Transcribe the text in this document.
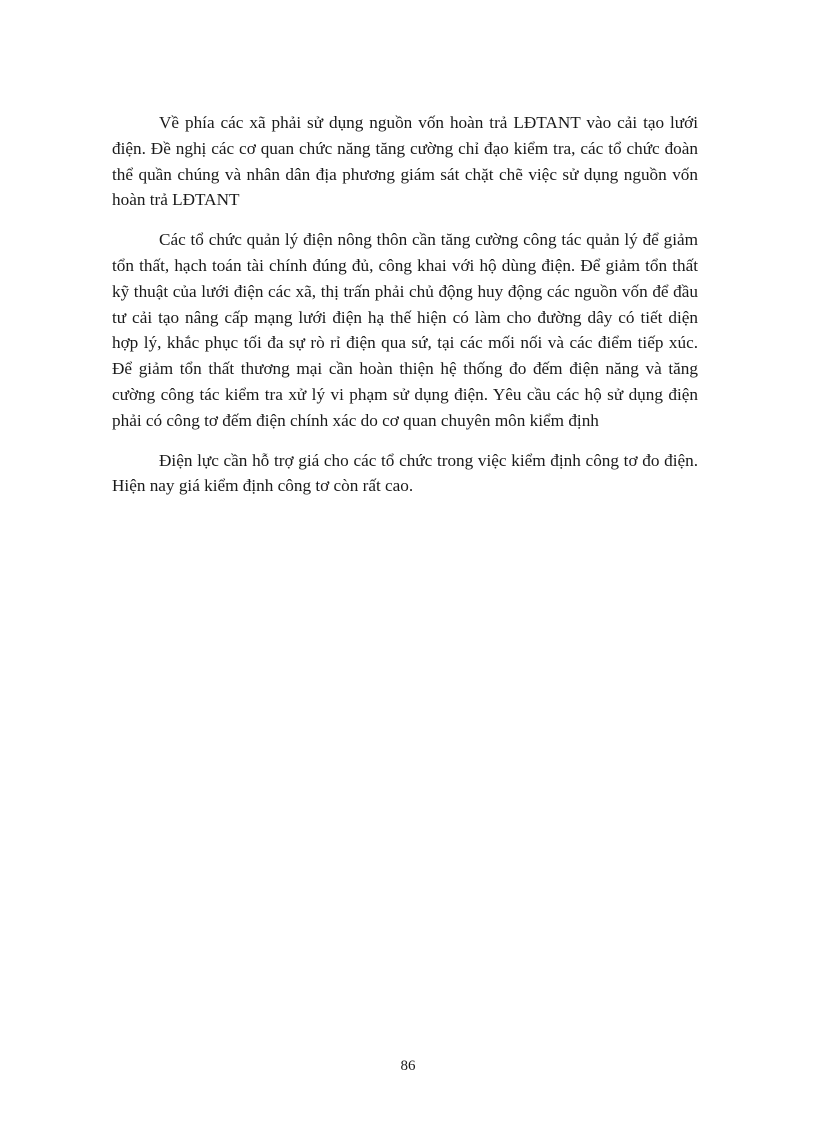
Về phía các xã phải sử dụng nguồn vốn hoàn trả LĐTANT vào cải tạo lưới điện. Đề nghị các cơ quan chức năng tăng cường chỉ đạo kiểm tra, các tổ chức đoàn thể quần chúng và nhân dân địa phương giám sát chặt chẽ việc sử dụng nguồn vốn hoàn trả LĐTANT

Các tổ chức quản lý điện nông thôn cần tăng cường công tác quản lý để giảm tổn thất, hạch toán tài chính đúng đủ, công khai với hộ dùng điện. Để giảm tổn thất kỹ thuật của lưới điện các xã, thị trấn phải chủ động huy động các nguồn vốn để đầu tư cải tạo nâng cấp mạng lưới điện hạ thế hiện có làm cho đường dây có tiết diện hợp lý, khắc phục tối đa sự rò rỉ điện qua sứ, tại các mối nối và các điểm tiếp xúc. Để giảm tổn thất thương mại cần hoàn thiện hệ thống đo đếm điện năng và tăng cường công tác kiểm tra xử lý vi phạm sử dụng điện. Yêu cầu các hộ sử dụng điện phải có công tơ đếm điện chính xác do cơ quan chuyên môn kiểm định

Điện lực cần hỗ trợ giá cho các tổ chức trong việc kiểm định công tơ đo điện. Hiện nay giá kiểm định công tơ còn rất cao.

86
